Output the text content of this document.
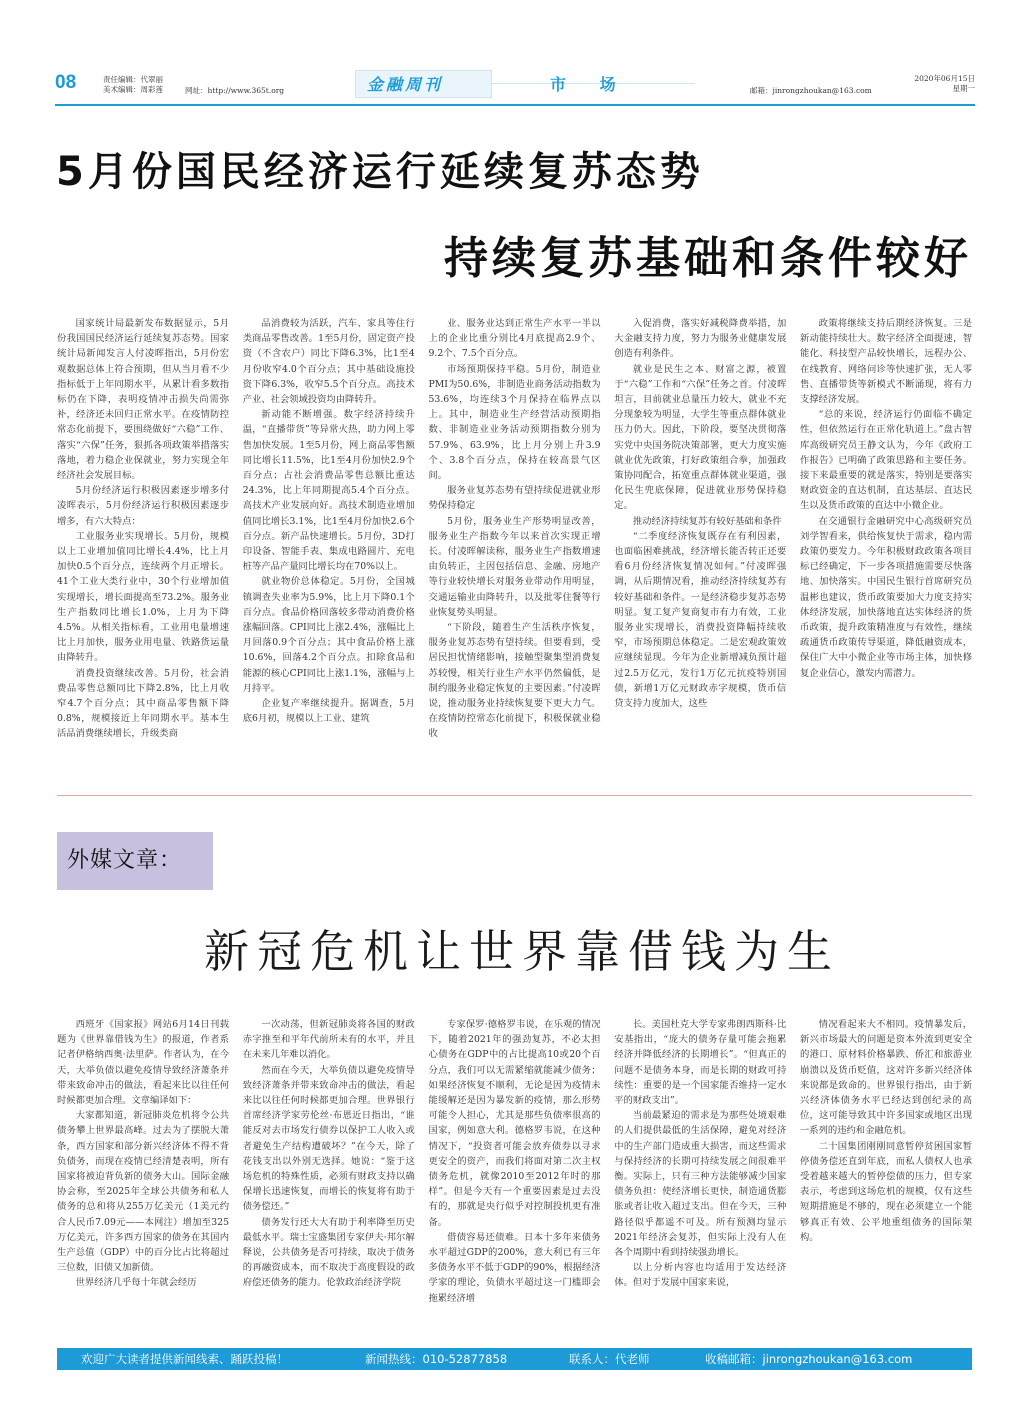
08	责任编辑：代翠丽
美术编辑：周彩莲	网址：http://www.365t.org	金融周刊	市 场	邮箱：jinrongzhoukan@163.com
2020年06月15日
星期一
5月份国民经济运行延续复苏态势
持续复苏基础和条件较好

国家统计局最新发布数据显示，5月份我国国民经济运行延续复苏态势。国家统计局新闻发言人付凌晖指出，5月份宏观数据总体上符合预期，但从当月看不少指标低于上年同期水平，从累计看多数指标仍在下降，表明疫情冲击损失尚需弥补，经济还未回归正常水平。在疫情防控常态化前提下，要围绕做好“六稳”工作、落实“六保”任务，狠抓各项政策举措落实落地，着力稳企业保就业，努力实现全年经济社会发展目标。

5月份经济运行积极因素逐步增多付凌晖表示，5月份经济运行积极因素逐步增多，有六大特点：

工业服务业实现增长。5月份，规模以上工业增加值同比增长4.4%，比上月加快0.5个百分点，连续两个月正增长。41个工业大类行业中，30个行业增加值实现增长，增长面提高至73.2%。服务业生产指数同比增长1.0%，上月为下降4.5%。从相关指标看，工业用电量增速比上月加快，服务业用电量、铁路货运量由降转升。

消费投资继续改善。5月份，社会消费品零售总额同比下降2.8%，比上月收窄4.7个百分点；其中商品零售额下降0.8%，规模接近上年同期水平。基本生活品消费继续增长，升级类商

品消费较为活跃，汽车、家具等住行类商品零售改善。1至5月份，固定资产投资（不含农户）同比下降6.3%，比1至4月份收窄4.0个百分点；其中基础设施投资下降6.3%，收窄5.5个百分点。高技术产业、社会领域投资均由降转升。

新动能不断增强。数字经济持续升温，“直播带货”等异常火热，助力网上零售加快发展。1至5月份，网上商品零售额同比增长11.5%，比1至4月份加快2.9个百分点；占社会消费品零售总额比重达24.3%，比上年同期提高5.4个百分点。高技术产业发展向好。高技术制造业增加值同比增长3.1%，比1至4月份加快2.6个百分点。新产品快速增长。5月份，3D打印设备、智能手表、集成电路圆片、充电桩等产品产量同比增长均在70%以上。

就业物价总体稳定。5月份，全国城镇调查失业率为5.9%，比上月下降0.1个百分点。食品价格回落较多带动消费价格涨幅回落。CPI同比上涨2.4%，涨幅比上月回落0.9个百分点；其中食品价格上涨10.6%，回落4.2个百分点。扣除食品和能源的核心CPI同比上涨1.1%，涨幅与上月持平。

企业复产率继续提升。据调查，5月底6月初，规模以上工业、建筑

业、服务业达到正常生产水平一半以上的企业比重分别比4月底提高2.9个、9.2个、7.5个百分点。

市场预期保持平稳。5月份，制造业PMI为50.6%，非制造业商务活动指数为53.6%，均连续3个月保持在临界点以上。其中，制造业生产经营活动预期指数、非制造业业务活动预期指数分别为57.9%、63.9%，比上月分别上升3.9个、3.8个百分点，保持在较高景气区间。

服务业复苏态势有望持续促进就业形势保持稳定

5月份，服务业生产形势明显改善，服务业生产指数今年以来首次实现正增长。付凌晖解读称，服务业生产指数增速由负转正，主因包括信息、金融、房地产等行业较快增长对服务业带动作用明显，交通运输业由降转升，以及批零住餐等行业恢复势头明显。

“下阶段，随着生产生活秩序恢复，服务业复苏态势有望持续。但要看到，受居民担忧情绪影响，接触型聚集型消费复苏较慢，相关行业生产水平仍然偏低，是制约服务业稳定恢复的主要因素。”付凌晖说，推动服务业持续恢复要下更大力气。在疫情防控常态化前提下，积极保就业稳收

入促消费，落实好减税降费举措，加大金融支持力度，努力为服务业健康发展创造有利条件。

就业是民生之本、财富之源，被置于“六稳”工作和“六保”任务之首。付凌晖坦言，目前就业总量压力较大，就业不充分现象较为明显，大学生等重点群体就业压力仍大。因此，下阶段，要坚决贯彻落实党中央国务院决策部署，更大力度实施就业优先政策，打好政策组合拳，加强政策协同配合，拓宽重点群体就业渠道，强化民生兜底保障，促进就业形势保持稳定。

推动经济持续复苏有较好基础和条件

“二季度经济恢复既存在有利因素，也面临困难挑战，经济增长能否转正还要看6月份经济恢复情况如何。”付凌晖强调，从后期情况看，推动经济持续复苏有较好基础和条件。一是经济稳步复苏态势明显。复工复产复商复市有力有效，工业服务业实现增长，消费投资降幅持续收窄，市场预期总体稳定。二是宏观政策效应继续显现。今年为企业新增减负预计超过2.5万亿元，发行1万亿元抗疫特别国债，新增1万亿元财政赤字规模，货币信贷支持力度加大，这些

政策将继续支持后期经济恢复。三是新动能持续壮大。数字经济全面提速，智能化、科技型产品较快增长，远程办公、在线教育、网络问诊等快速扩张，无人零售、直播带货等新模式不断涌现，将有力支撑经济发展。

“总的来说，经济运行仍面临不确定性，但依然运行在正常化轨道上。”盘古智库高级研究员王静文认为，今年《政府工作报告》已明确了政策思路和主要任务。接下来最重要的就是落实，特别是要落实财政资金的直达机制，直达基层、直达民生以及货币政策的直达中小微企业。

在交通银行金融研究中心高级研究员刘学智看来，供给恢复快于需求，稳内需政策仍要发力。今年积极财政政策各项目标已经确定，下一步各项措施需要尽快落地、加快落实。中国民生银行首席研究员温彬也建议，货币政策要加大力度支持实体经济发展，加快落地直达实体经济的货币政策，提升政策精准度与有效性，继续疏通货币政策传导渠道，降低融资成本，保住广大中小微企业等市场主体，加快修复企业信心，激发内需潜力。

外媒文章：
新冠危机让世界靠借钱为生

西班牙《国家报》网站6月14日刊载题为《世界靠借钱为生》的报道，作者系记者伊格纳西奥·法里萨。作者认为，在今天，大举负债以避免疫情导致经济萧条并带来致命冲击的做法，看起来比以往任何时候都更加合理。文章编译如下：

大家都知道，新冠肺炎危机将令公共债务攀上世界最高峰。过去为了摆脱大萧条，西方国家和部分新兴经济体不得不背负债务，而现在疫情已经清楚表明，所有国家将被迫背负新的债务大山。国际金融协会称，至2025年全球公共债务和私人债务的总和将从255万亿美元（1美元约合人民币7.09元——本网注）增加至325万亿美元，许多西方国家的债务在其国内生产总值（GDP）中的百分比占比将超过三位数，旧债又加新债。

世界经济几乎每十年就会经历

一次动荡，但新冠肺炎将各国的财政赤字推至和平年代前所未有的水平，并且在未来几年难以消化。

然而在今天，大举负债以避免疫情导致经济萧条并带来致命冲击的做法，看起来比以往任何时候都更加合理。世界银行首席经济学家劳伦丝·布恩近日指出，“谁能反对去市场发行债券以保护工人收入或者避免生产结构遭破坏？”在今天，除了花钱支出以外别无选择。她说：“鉴于这场危机的特殊性质，必须有财政支持以确保增长迅速恢复，而增长的恢复将有助于债务偿还。”

债务发行还大大有助于利率降至历史最低水平。瑞士宝盛集团专家伊夫·邦尔解释说，公共债务是否可持续，取决于债务的再融资成本，而不取决于高度假设的政府偿还债务的能力。伦敦政治经济学院

专家保罗·德格罗韦说，在乐观的情况下，随着2021年的强劲复苏，不必太担心债务在GDP中的占比提高10或20个百分点，我们可以无需紧缩就能减少债务；如果经济恢复不顺利，无论是因为疫情未能缓解还是因为暴发新的疫情，那么形势可能令人担心，尤其是那些负债率很高的国家，例如意大利。德格罗韦说，在这种情况下，“投资者可能会放弃债券以寻求更安全的资产，而我们将面对第二次主权债务危机，就像2010至2012年时的那样”。但是今天有一个重要因素是过去没有的，那就是央行似乎对控制投机更有准备。

借债容易还债难。日本十多年来债务水平超过GDP的200%，意大利已有三年多债务水平不低于GDP的90%，根据经济学家的理论，负债水平超过这一门槛即会拖累经济增

长。美国杜克大学专家弗朗西斯科·比安基指出，“庞大的债务存量可能会拖累经济并降低经济的长期增长”。“但真正的问题不是债务本身，而是长期的财政可持续性：重要的是一个国家能否维持一定水平的财政支出”。

当前最紧迫的需求是为那些处境艰难的人们提供最低的生活保障，避免对经济中的生产部门造成重大损害，而这些需求与保持经济的长期可持续发展之间很难平衡。实际上，只有三种方法能够减少国家债务负担：使经济增长更快，制造通货膨胀或者让收入超过支出。但在今天，三种路径似乎都遥不可及。所有预测均显示2021年经济会复苏，但实际上没有人在各个周期中看到持续强劲增长。

以上分析内容也均适用于发达经济体。但对于发展中国家来说，

情况看起来大不相同。疫情暴发后，新兴市场最大的问题是资本外流到更安全的港口、原材料价格暴跌、侨汇和旅游业崩溃以及货币贬值，这对许多新兴经济体来说都是致命的。世界银行指出，由于新兴经济体债务水平已经达到创纪录的高位，这可能导致其中许多国家或地区出现一系列的违约和金融危机。

二十国集团刚刚同意暂停贫困国家暂停债务偿还直到年底，而私人债权人也承受着越来越大的暂停偿债的压力，但专家表示，考虑到这场危机的规模，仅有这些短期措施是不够的，现在必须建立一个能够真正有效、公平地重组债务的国际架构。

欢迎广大读者提供新闻线索、踊跃投稿！	新闻热线：010-52877858	联系人：代老师	收稿邮箱：jinrongzhoukan@163.com
